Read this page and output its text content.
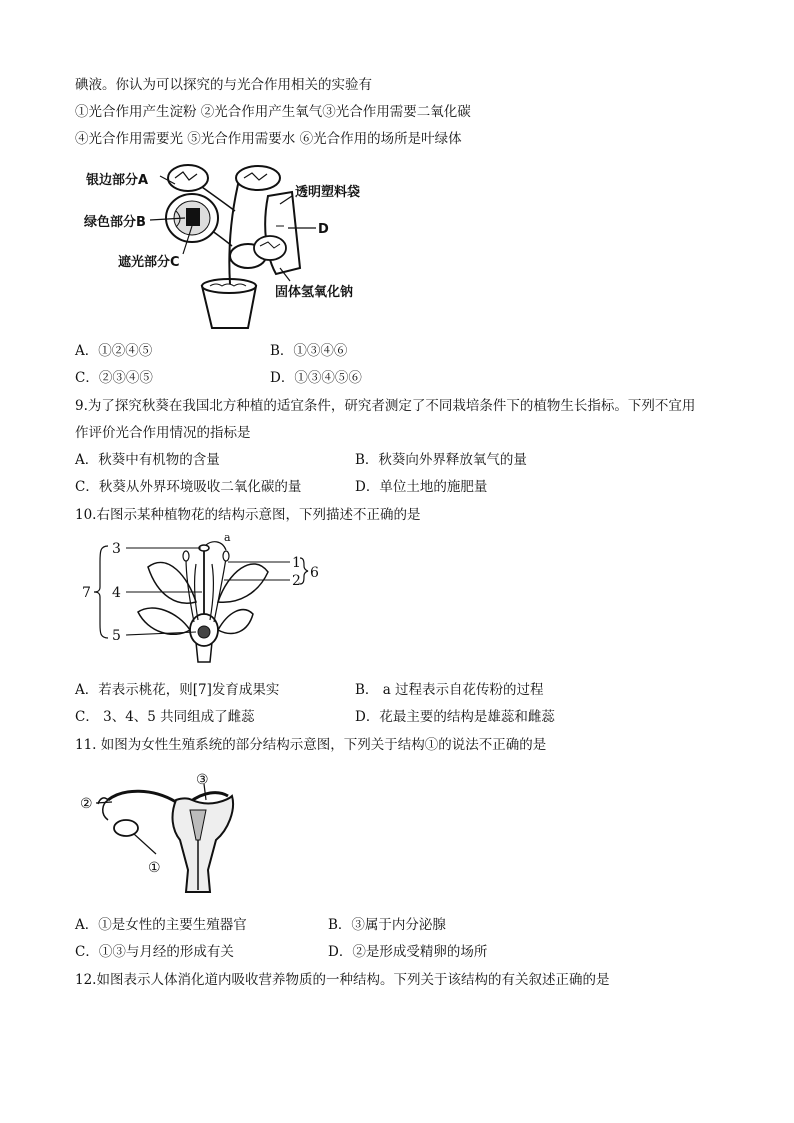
碘液。你认为可以探究的与光合作用相关的实验有
①光合作用产生淀粉 ②光合作用产生氧气③光合作用需要二氧化碳
④光合作用需要光 ⑤光合作用需要水 ⑥光合作用的场所是叶绿体
银边部分A
绿色部分B
遮光部分C
透明塑料袋
D
固体氢氧化钠
A．①②④⑤	B．①③④⑥
C．②③④⑤	D．①③④⑤⑥
9.为了探究秋葵在我国北方种植的适宜条件，研究者测定了不同栽培条件下的植物生长指标。下列不宜用
作评价光合作用情况的指标是
A．秋葵中有机物的含量	B．秋葵向外界释放氧气的量
C．秋葵从外界环境吸收二氧化碳的量	D．单位土地的施肥量
10.右图示某种植物花的结构示意图，下列描述不正确的是
3
4
5
7
1
2 6
a
A．若表示桃花，则[7]发育成果实	B． a 过程表示自花传粉的过程
C． 3、4、5 共同组成了雌蕊	D．花最主要的结构是雄蕊和雌蕊
11. 如图为女性生殖系统的部分结构示意图，下列关于结构①的说法不正确的是
②
③
①
A．①是女性的主要生殖器官	B．③属于内分泌腺
C．①③与月经的形成有关	D．②是形成受精卵的场所
12.如图表示人体消化道内吸收营养物质的一种结构。下列关于该结构的有关叙述正确的是
